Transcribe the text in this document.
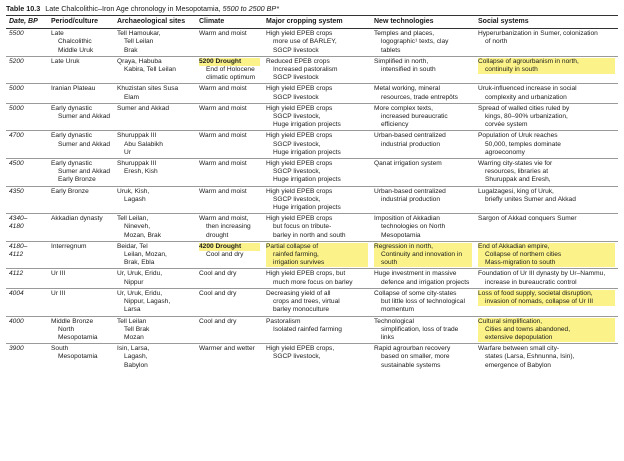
Table 10.3 Late Chalcolithic–Iron Age chronology in Mesopotamia, 5500 to 2500 BP*
Date, BP	Period/culture	Archaeological sites	Climate	Major cropping system	New technologies	Social systems

5500	Late
Chalcolithic
Middle Uruk	Tell Hamoukar,
Tell Leilan
Brak	Warm and moist	High yield EPEB crops
more use of BARLEY,
SGCP livestock	Temples and places,
logographic¹ texts, clay
tablets	Hyperurbanization in Sumer, colonization
of north

5200	Late Uruk	Qraya, Habuba
Kabira, Tell Leilan	5200 Drought
End of Holocene
climatic optimum	Reduced EPEB crops
Increased pastoralism
SGCP livestock	Simplified in north,
intensified in south	Collapse of agrourbanism in north,
continuity in south

5000	Iranian Plateau	Khuzistan sites Susa
Elam	Warm and moist	High yield EPEB crops
SGCP livestock	Metal working, mineral
resources, trade entrepôts	Uruk-influenced increase in social
complexity and urbanization

5000	Early dynastic
Sumer and Akkad	Sumer and Akkad	Warm and moist	High yield EPEB crops
SGCP livestock,
Huge irrigation projects	More complex texts,
increased bureaucratic
efficiency	Spread of walled cities ruled by
kings, 80–90% urbanization,
corvée system

4700	Early dynastic
Sumer and Akkad	Shuruppak III
Abu Salabikh
Ur	Warm and moist	High yield EPEB crops
SGCP livestock,
Huge irrigation projects	Urban-based centralized
industrial production	Population of Uruk reaches
50,000, temples dominate
agroeconomy

4500	Early dynastic
Sumer and Akkad
Early Bronze	Shuruppak III
Eresh, Kish	Warm and moist	High yield EPEB crops
SGCP livestock,
Huge irrigation projects	Qanat irrigation system	Warring city-states vie for
resources, libraries at
Shuruppak and Eresh,

4350	Early Bronze	Uruk, Kish,
Lagash	Warm and moist	High yield EPEB crops
SGCP livestock,
Huge irrigation projects	Urban-based centralized
industrial production	Lugalzagesi, king of Uruk,
briefly unites Sumer and Akkad

4340–
4180	Akkadian dynasty	Tell Leilan,
Nineveh,
Mozan, Brak	Warm and moist,
then increasing
drought	High yield EPEB crops
but focus on tribute-
barley in north and south	Imposition of Akkadian
technologies on North
Mesopotamia	Sargon of Akkad conquers Sumer

4180–
4112	Interregnum	Beidar, Tel
Leilan, Mozan,
Brak, Ebla	4200 Drought
Cool and dry	Partial collapse of
rainfed farming,
irrigation survives	Regression in north,
Continuity and innovation in
south	End of Akkadian empire,
Collapse of northern cities
Mass-migration to south

4112	Ur III	Ur, Uruk, Eridu,
Nippur	Cool and dry	High yield EPEB crops, but
much more focus on barley	Huge investment in massive
defence and irrigation projects	Foundation of Ur III dynasty by Ur–Nammu,
increase in bureaucratic control

4004	Ur III	Ur, Uruk, Eridu,
Nippur, Lagash,
Larsa	Cool and dry	Decreasing yield of all
crops and trees, virtual
barley monoculture	Collapse of some city-states
but little loss of technological
momentum	Loss of food supply, societal disruption,
invasion of nomads, collapse of Ur III

4000	Middle Bronze
North
Mesopotamia	Tell Leilan
Tell Brak
Mozan	Cool and dry	Pastoralism
Isolated rainfed farming	Technological
simplification, loss of trade
links	Cultural simplification,
Cities and towns abandoned,
extensive depopulation

3900	South
Mesopotamia	Isin, Larsa,
Lagash,
Babylon	Warmer and wetter	High yield EPEB crops,
SGCP livestock,	Rapid agrourban recovery
based on smaller, more
sustainable systems	Warfare between small city-
states (Larsa, Eshnunna, Isin),
emergence of Babylon
